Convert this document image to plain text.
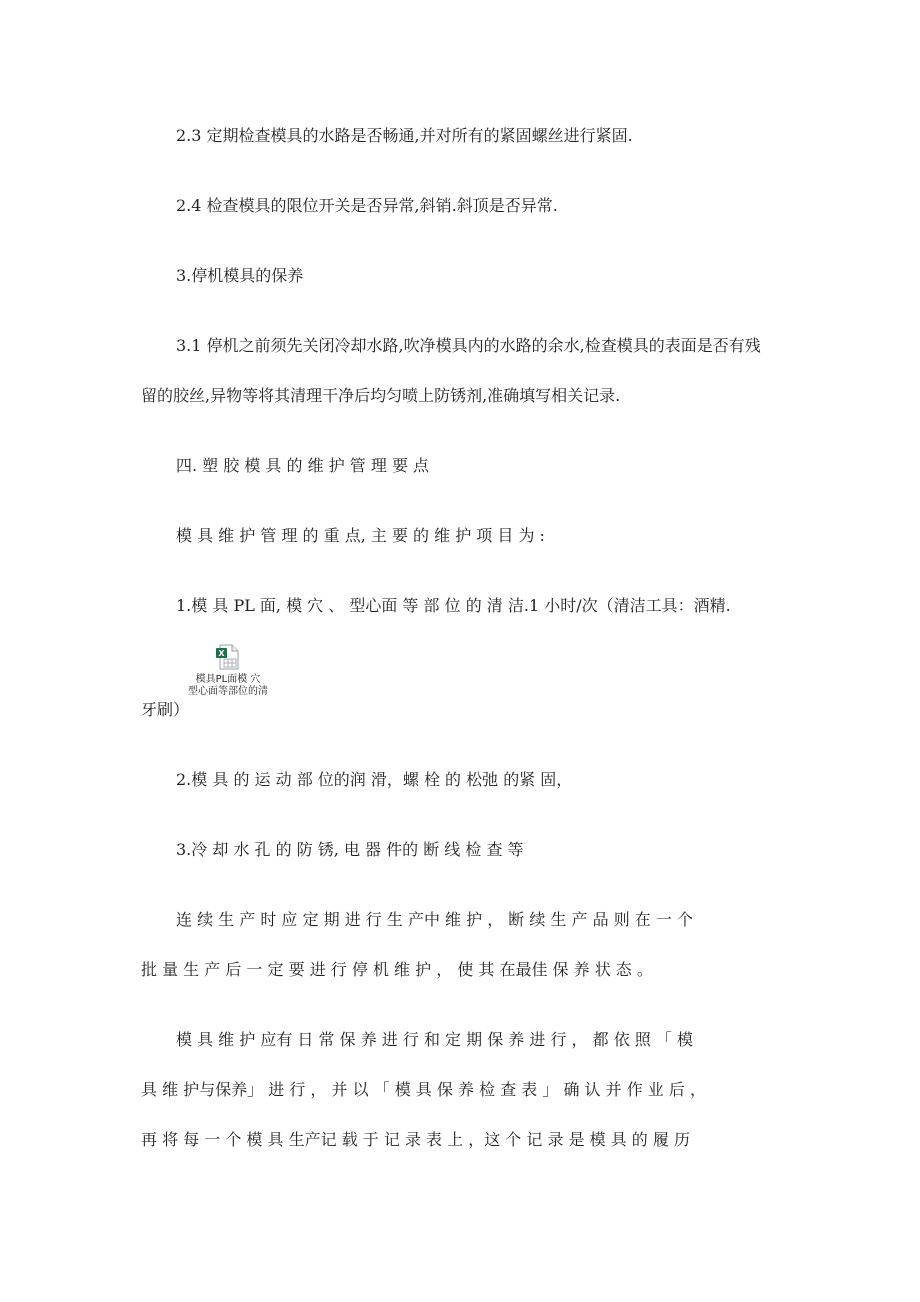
2.3 定期检查模具的水路是否畅通,并对所有的紧固螺丝进行紧固.
2.4 检查模具的限位开关是否异常,斜销.斜顶是否异常.
3.停机模具的保养
3.1 停机之前须先关闭冷却水路,吹净模具内的水路的余水,检查模具的表面是否有残
留的胶丝,异物等将其清理干净后均匀喷上防锈剂,准确填写相关记录.
四. 塑 胶 模 具 的 维 护 管 理 要 点
模 具 维 护 管 理 的 重 点, 主 要 的 维 护 项 目 为 :
1.模 具 PL 面, 模 穴 、 型心面 等 部 位 的 清 洁.1 小时/次（清洁工具：酒精.
X
模具PL面模 穴
型心面等部位的清
牙刷）
2.模 具 的 运 动 部 位的润 滑，螺 栓 的 松弛 的紧 固，
3.冷 却 水 孔 的 防 锈, 电 器 件的 断 线 检 查 等
连 续 生 产 时 应 定 期 进 行 生 产中 维 护 ， 断 续 生 产 品 则 在 一 个
批 量 生 产 后 一 定 要 进 行 停 机 维 护 ， 使 其 在最佳 保 养 状 态 。
模 具 维 护 应有 日 常 保 养 进 行 和 定 期 保 养 进 行 ， 都 依 照 「 模
具 维 护与保养」 进 行 ， 并 以 「 模 具 保 养 检 查 表 」 确 认 并 作 业 后 ，
再 将 每 一 个 模 具 生产记 载 于 记 录 表 上 ，这 个 记 录 是 模 具 的 履 历
